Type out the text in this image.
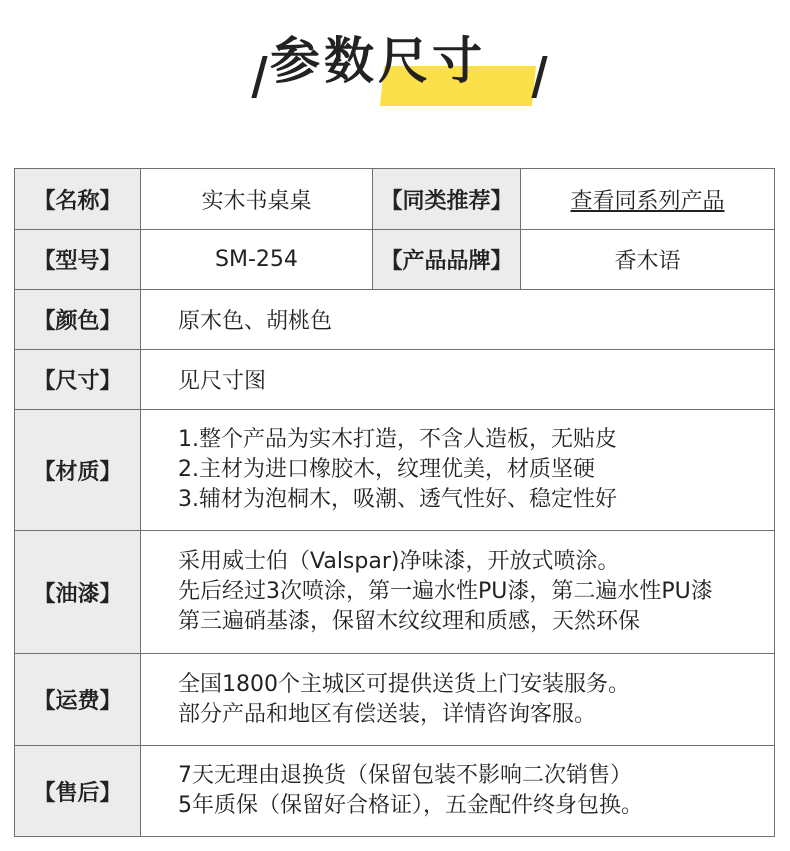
参数尺寸
【名称】	实木书桌桌	【同类推荐】	查看同系列产品
【型号】	SM-254	【产品品牌】	香木语
【颜色】	原木色、胡桃色		
【尺寸】	见尺寸图		
【材质】	1.整个产品为实木打造，不含人造板，无贴皮
2.主材为进口橡胶木，纹理优美，材质坚硬
3.辅材为泡桐木，吸潮、透气性好、稳定性好		

【油漆】	采用威士伯（Valspar)净味漆，开放式喷涂。
先后经过3次喷涂，第一遍水性PU漆，第二遍水性PU漆
第三遍硝基漆，保留木纹纹理和质感，天然环保		

【运费】	全国1800个主城区可提供送货上门安装服务。
部分产品和地区有偿送装，详情咨询客服。		

【售后】	7天无理由退换货（保留包装不影响二次销售）
5年质保（保留好合格证），五金配件终身包换。		
